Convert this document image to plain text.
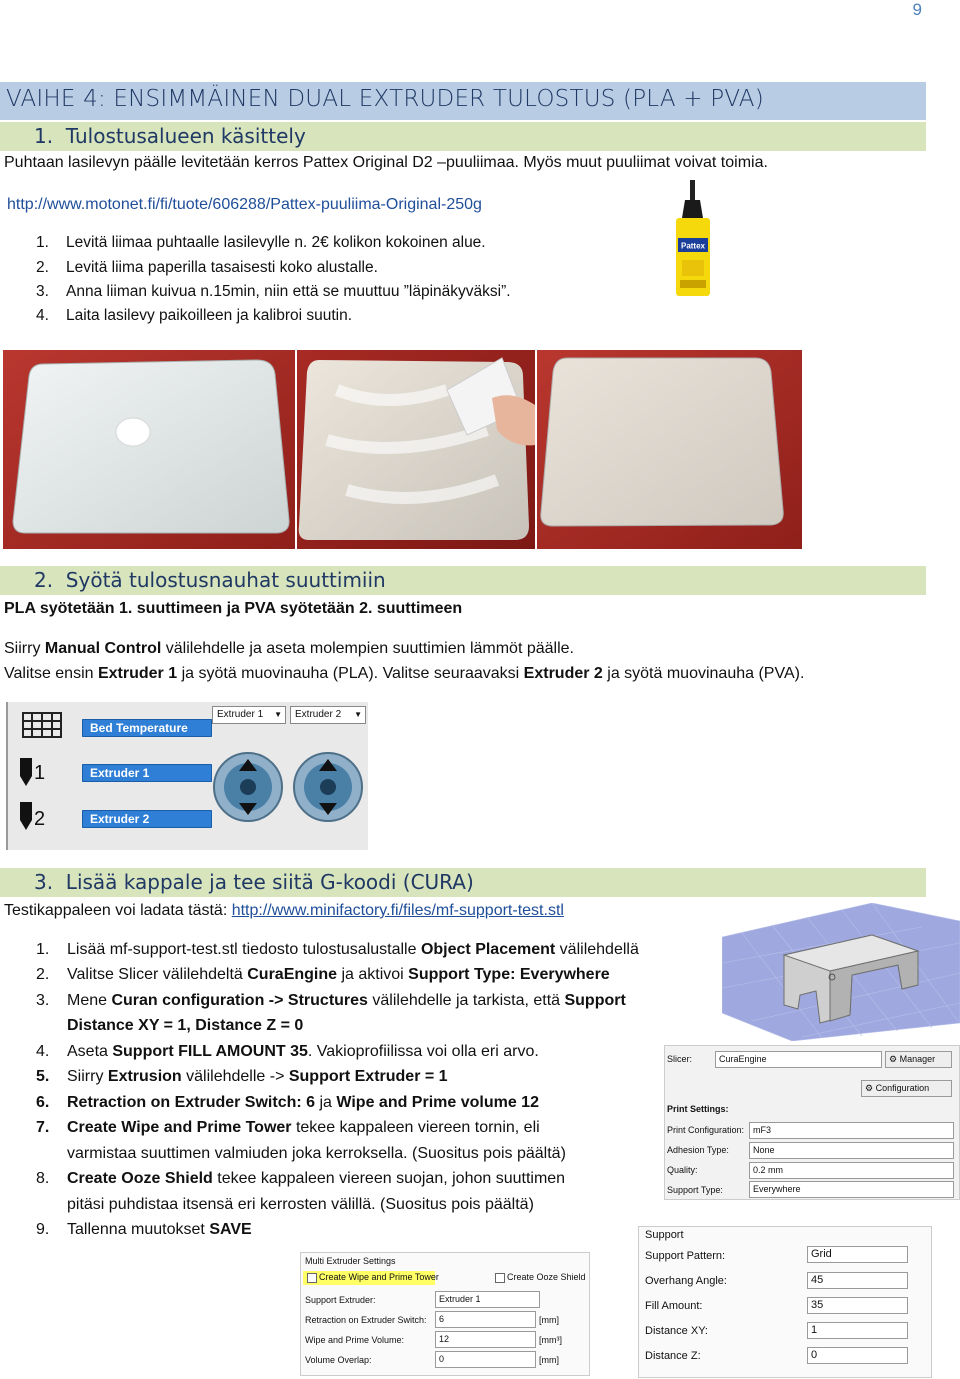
9
VAIHE 4: ENSIMMÄINEN DUAL EXTRUDER TULOSTUS (PLA + PVA)
1.  Tulostusalueen käsittely
Puhtaan lasilevyn päälle levitetään kerros Pattex Original D2 –puuliimaa. Myös muut puuliimat voivat toimia.
http://www.motonet.fi/fi/tuote/606288/Pattex-puuliima-Original-250g
1. Levitä liimaa puhtaalle lasilevylle n. 2€ kolikon kokoinen alue.
2. Levitä liima paperilla tasaisesti koko alustalle.
3. Anna liiman kuivua n.15min, niin että se muuttuu ”läpinäkyväksi”.
4. Laita lasilevy paikoilleen ja kalibroi suutin.
Pattex
2.  Syötä tulostusnauhat suuttimiin
PLA syötetään 1. suuttimeen ja PVA syötetään 2. suuttimeen
Siirry Manual Control välilehdelle ja aseta molempien suuttimien lämmöt päälle.
Valitse ensin Extruder 1 ja syötä muovinauha (PLA). Valitse seuraavaksi Extruder 2 ja syötä muovinauha (PVA).
1
2
Bed Temperature
Extruder 1
Extruder 2
Extruder 1 ▼	Extruder 2 ▼
3.  Lisää kappale ja tee siitä G-koodi (CURA)
Testikappaleen voi ladata tästä: http://www.minifactory.fi/files/mf-support-test.stl
1. Lisää mf-support-test.stl tiedosto tulostusalustalle Object Placement välilehdellä
2. Valitse Slicer välilehdeltä CuraEngine ja aktivoi Support Type: Everywhere
3. Mene Curan configuration -> Structures välilehdelle ja tarkista, että Support
Distance XY = 1, Distance Z = 0
4. Aseta Support FILL AMOUNT 35. Vakioprofiilissa voi olla eri arvo.
5. Siirry Extrusion välilehdelle -> Support Extruder = 1
6. Retraction on Extruder Switch: 6 ja Wipe and Prime volume 12
7. Create Wipe and Prime Tower tekee kappaleen viereen tornin, eli
varmistaa suuttimen valmiuden joka kerroksella. (Suositus pois päältä)
8. Create Ooze Shield tekee kappaleen viereen suojan, johon suuttimen
pitäsi puhdistaa itsensä eri kerrosten välillä. (Suositus pois päältä)
9. Tallenna muutokset SAVE
Slicer:	CuraEngine	⚙ Manager
⚙ Configuration
Print Settings:
Print Configuration: mF3
Adhesion Type:	None
Quality:	0.2 mm
Support Type:	Everywhere
Support
Support Pattern:	Grid
Overhang Angle:	45
Fill Amount:	35
Distance XY:	1
Distance Z:	0
Multi Extruder Settings
Create Wipe and Prime Tower	Create Ooze Shield
Support Extruder:	Extruder 1
Retraction on Extruder Switch:	6	[mm]
Wipe and Prime Volume:	12	[mm³]
Volume Overlap:	0	[mm]
